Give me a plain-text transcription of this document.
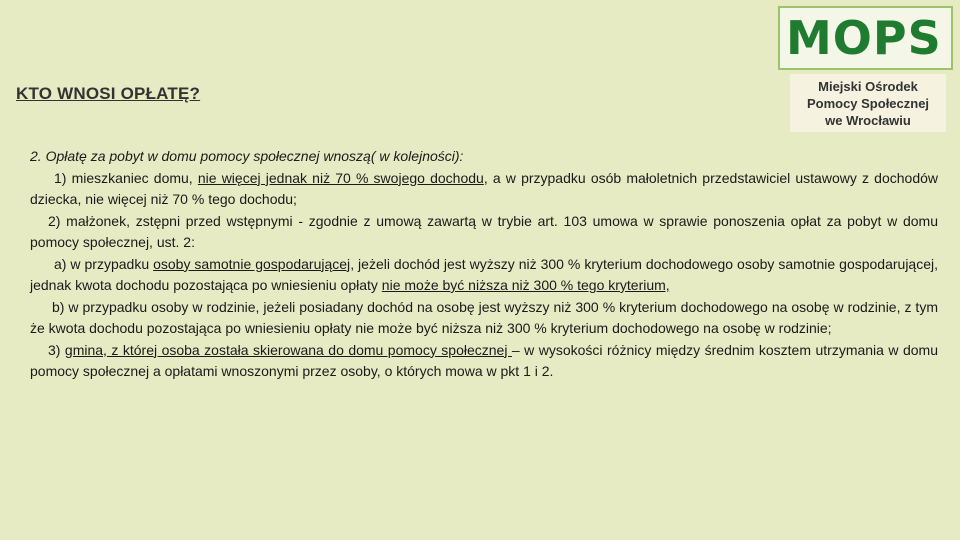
KTO WNOSI OPŁATĘ?
MOPS
Miejski Ośrodek
Pomocy Społecznej
we Wrocławiu

2. Opłatę za pobyt w domu pomocy społecznej wnoszą( w kolejności):

1) mieszkaniec domu, nie więcej jednak niż 70 % swojego dochodu, a w przypadku osób małoletnich przedstawiciel ustawowy z dochodów dziecka, nie więcej niż 70 % tego dochodu;

2) małżonek, zstępni przed wstępnymi - zgodnie z umową zawartą w trybie art. 103 umowa w sprawie ponoszenia opłat za pobyt w domu pomocy społecznej, ust. 2:

a) w przypadku osoby samotnie gospodarującej, jeżeli dochód jest wyższy niż 300 % kryterium dochodowego osoby samotnie gospodarującej, jednak kwota dochodu pozostająca po wniesieniu opłaty nie może być niższa niż 300 % tego kryterium,

b) w przypadku osoby w rodzinie, jeżeli posiadany dochód na osobę jest wyższy niż 300 % kryterium dochodowego na osobę w rodzinie, z tym że kwota dochodu pozostająca po wniesieniu opłaty nie może być niższa niż 300 % kryterium dochodowego na osobę w rodzinie;

3) gmina, z której osoba została skierowana do domu pomocy społecznej – w wysokości różnicy między średnim kosztem utrzymania w domu pomocy społecznej a opłatami wnoszonymi przez osoby, o których mowa w pkt 1 i 2.
